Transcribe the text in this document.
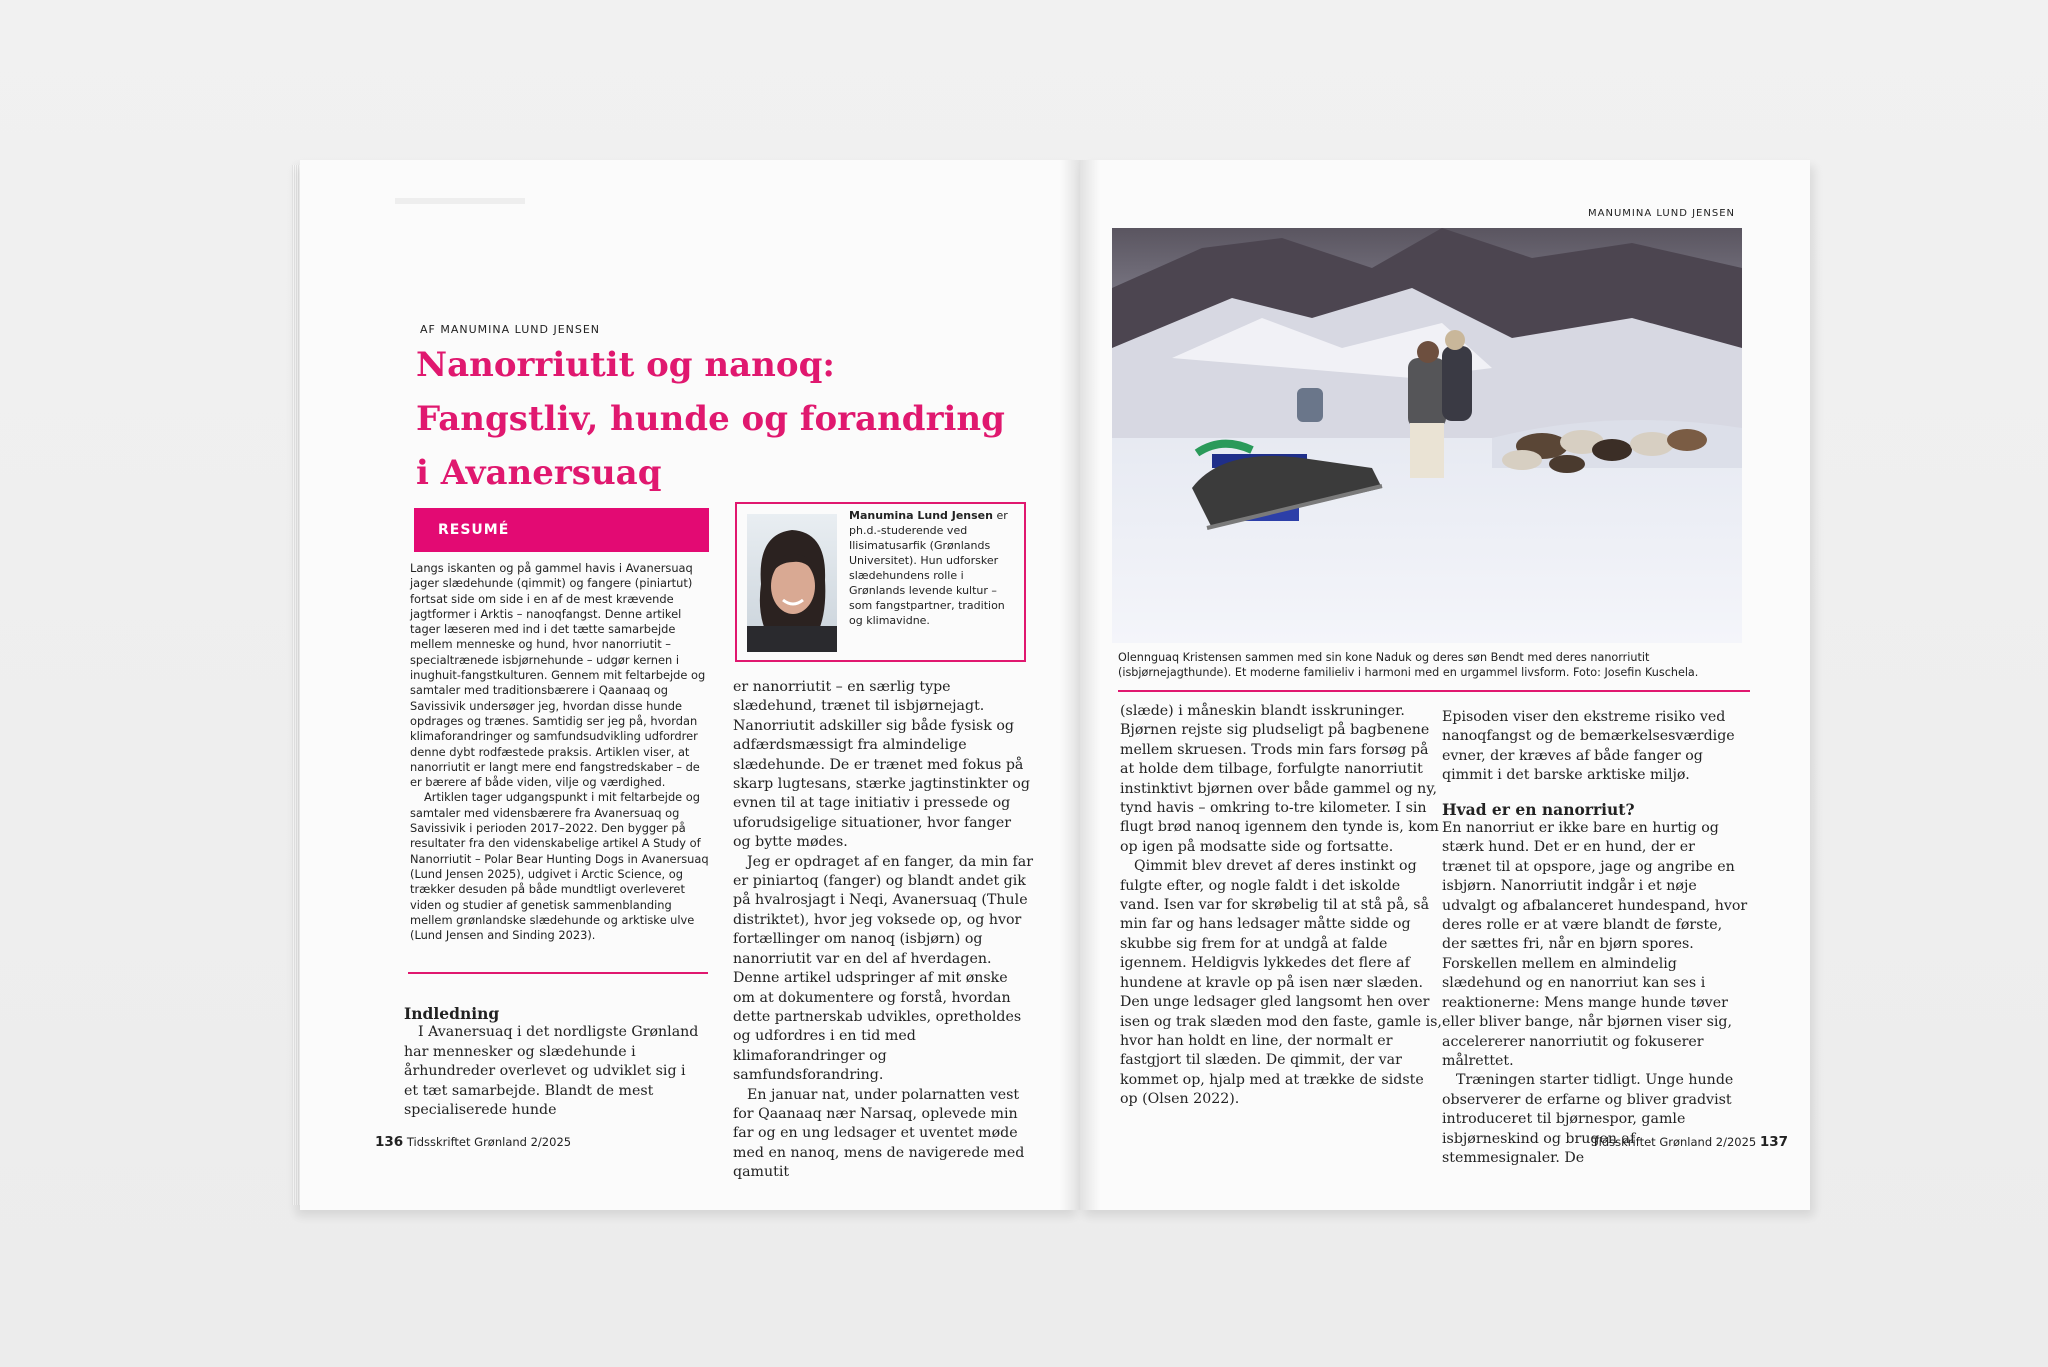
AF MANUMINA LUND JENSEN
Nanorriutit og nanoq:
Fangstliv, hunde og forandring
i Avanersuaq
RESUMÉ

Langs iskanten og på gammel havis i Avanersuaq jager slædehunde (qimmit) og fangere (piniartut) fortsat side om side i en af de mest krævende jagtformer i Arktis – nanoqfangst. Denne artikel tager læseren med ind i det tætte samarbejde mellem menneske og hund, hvor nanorriutit – specialtrænede isbjørnehunde – udgør kernen i inughuit-fangstkulturen. Gennem mit feltarbejde og samtaler med traditionsbærere i Qaanaaq og Savissivik undersøger jeg, hvordan disse hunde opdrages og trænes. Samtidig ser jeg på, hvordan klimaforandringer og samfundsudvikling udfordrer denne dybt rodfæstede praksis. Artiklen viser, at nanorriutit er langt mere end fangstredskaber – de er bærere af både viden, vilje og værdighed.

Artiklen tager udgangspunkt i mit feltarbejde og samtaler med vidensbærere fra Avanersuaq og Savissivik i perioden 2017–2022. Den bygger på resultater fra den videnskabelige artikel A Study of Nanorriutit – Polar Bear Hunting Dogs in Avanersuaq (Lund Jensen 2025), udgivet i Arctic Science, og trækker desuden på både mundtligt overleveret viden og studier af genetisk sammenblanding mellem grønlandske slædehunde og arktiske ulve (Lund Jensen and Sinding 2023).

Manumina Lund Jensen er ph.d.-studerende ved Ilisimatusarfik (Grønlands Universitet). Hun udforsker slædehundens rolle i Grønlands levende kultur – som fangstpartner, tradition og klimavidne.

Indledning

I Avanersuaq i det nordligste Grønland har mennesker og slædehunde i århundreder overlevet og udviklet sig i et tæt samarbejde. Blandt de mest specialiserede hunde

er nanorriutit – en særlig type slædehund, trænet til isbjørnejagt. Nanorriutit adskiller sig både fysisk og adfærdsmæssigt fra almindelige slædehunde. De er trænet med fokus på skarp lugtesans, stærke jagtinstinkter og evnen til at tage initiativ i pressede og uforudsigelige situationer, hvor fanger og bytte mødes.

Jeg er opdraget af en fanger, da min far er piniartoq (fanger) og blandt andet gik på hvalrosjagt i Neqi, Avanersuaq (Thule distriktet), hvor jeg voksede op, og hvor fortællinger om nanoq (isbjørn) og nanorriutit var en del af hverdagen. Denne artikel udspringer af mit ønske om at dokumentere og forstå, hvordan dette partnerskab udvikles, opretholdes og udfordres i en tid med klimaforandringer og samfundsforandring.

En januar nat, under polarnatten vest for Qaanaaq nær Narsaq, oplevede min far og en ung ledsager et uventet møde med en nanoq, mens de navigerede med qamutit

136 Tidsskriftet Grønland 2/2025
MANUMINA LUND JENSEN

Olennguaq Kristensen sammen med sin kone Naduk og deres søn Bendt med deres nanorriutit (isbjørnejagthunde). Et moderne familieliv i harmoni med en urgammel livsform. Foto: Josefin Kuschela.

(slæde) i måneskin blandt isskruninger. Bjørnen rejste sig pludseligt på bagbenene mellem skruesen. Trods min fars forsøg på at holde dem tilbage, forfulgte nanorriutit instinktivt bjørnen over både gammel og ny, tynd havis – omkring to-tre kilometer. I sin flugt brød nanoq igennem den tynde is, kom op igen på modsatte side og fortsatte.

Qimmit blev drevet af deres instinkt og fulgte efter, og nogle faldt i det iskolde vand. Isen var for skrøbelig til at stå på, så min far og hans ledsager måtte sidde og skubbe sig frem for at undgå at falde igennem. Heldigvis lykkedes det flere af hundene at kravle op på isen nær slæden. Den unge ledsager gled langsomt hen over isen og trak slæden mod den faste, gamle is, hvor han holdt en line, der normalt er fastgjort til slæden. De qimmit, der var kommet op, hjalp med at trække de sidste op (Olsen 2022).

Episoden viser den ekstreme risiko ved nanoqfangst og de bemærkelsesværdige evner, der kræves af både fanger og qimmit i det barske arktiske miljø.

Hvad er en nanorriut?

En nanorriut er ikke bare en hurtig og stærk hund. Det er en hund, der er trænet til at opspore, jage og angribe en isbjørn. Nanorriutit indgår i et nøje udvalgt og afbalanceret hundespand, hvor deres rolle er at være blandt de første, der sættes fri, når en bjørn spores. Forskellen mellem en almindelig slædehund og en nanorriut kan ses i reaktionerne: Mens mange hunde tøver eller bliver bange, når bjørnen viser sig, accelererer nanorriutit og fokuserer målrettet.

Træningen starter tidligt. Unge hunde observerer de erfarne og bliver gradvist introduceret til bjørnespor, gamle isbjørneskind og brugen af stemmesignaler. De

Tidsskriftet Grønland 2/2025 137
